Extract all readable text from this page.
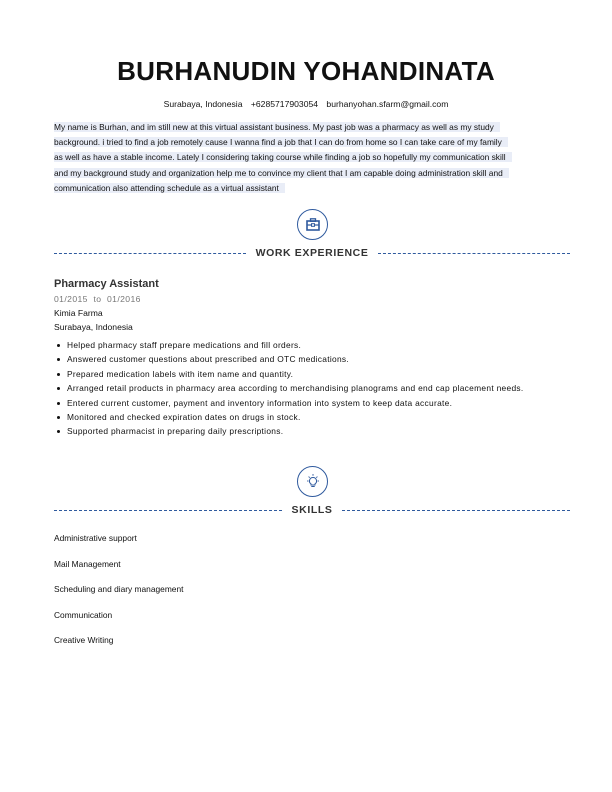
BURHANUDIN YOHANDINATA
Surabaya, Indonesia +6285717903054 burhanyohan.sfarm@gmail.com
My name is Burhan, and im still new at this virtual assistant business. My past job was a pharmacy as well as my study
background. i tried to find a job remotely cause I wanna find a job that I can do from home so I can take care of my family
as well as have a stable income. Lately I considering taking course while finding a job so hopefully my communication skill
and my background study and organization help me to convince my client that I am capable doing administration skill and
communication also attending schedule as a virtual assistant
WORK EXPERIENCE
Pharmacy Assistant
01/2015  to  01/2016
Kimia Farma
Surabaya, Indonesia
Helped pharmacy staff prepare medications and fill orders.
Answered customer questions about prescribed and OTC medications.
Prepared medication labels with item name and quantity.
Arranged retail products in pharmacy area according to merchandising planograms and end cap placement needs.
Entered current customer, payment and inventory information into system to keep data accurate.
Monitored and checked expiration dates on drugs in stock.
Supported pharmacist in preparing daily prescriptions.
SKILLS
Administrative support
Mail Management
Scheduling and diary management
Communication
Creative Writing
